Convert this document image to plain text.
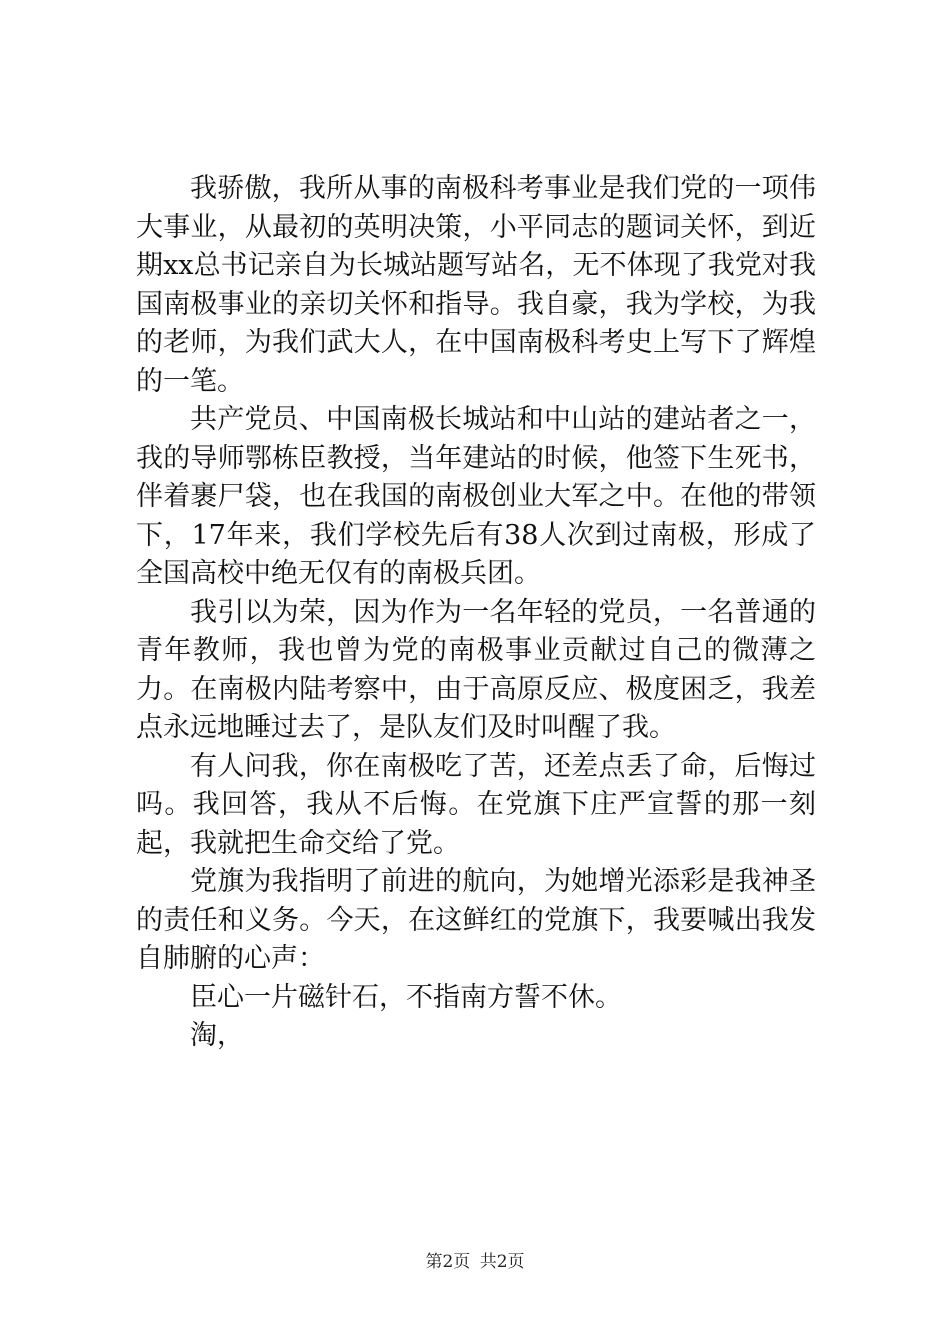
我骄傲，我所从事的南极科考事业是我们党的一项伟大事业，从最初的英明决策，小平同志的题词关怀，到近期xx总书记亲自为长城站题写站名，无不体现了我党对我国南极事业的亲切关怀和指导。我自豪，我为学校，为我的老师，为我们武大人，在中国南极科考史上写下了辉煌的一笔。

共产党员、中国南极长城站和中山站的建站者之一，我的导师鄂栋臣教授，当年建站的时候，他签下生死书，伴着裹尸袋，也在我国的南极创业大军之中。在他的带领下，17年来，我们学校先后有38人次到过南极，形成了全国高校中绝无仅有的南极兵团。

我引以为荣，因为作为一名年轻的党员，一名普通的青年教师，我也曾为党的南极事业贡献过自己的微薄之力。在南极内陆考察中，由于高原反应、极度困乏，我差点永远地睡过去了，是队友们及时叫醒了我。

有人问我，你在南极吃了苦，还差点丢了命，后悔过吗。我回答，我从不后悔。在党旗下庄严宣誓的那一刻起，我就把生命交给了党。

党旗为我指明了前进的航向，为她增光添彩是我神圣的责任和义务。今天，在这鲜红的党旗下，我要喊出我发自肺腑的心声：

臣心一片磁针石，不指南方誓不休。

淘，

第2页 共2页
